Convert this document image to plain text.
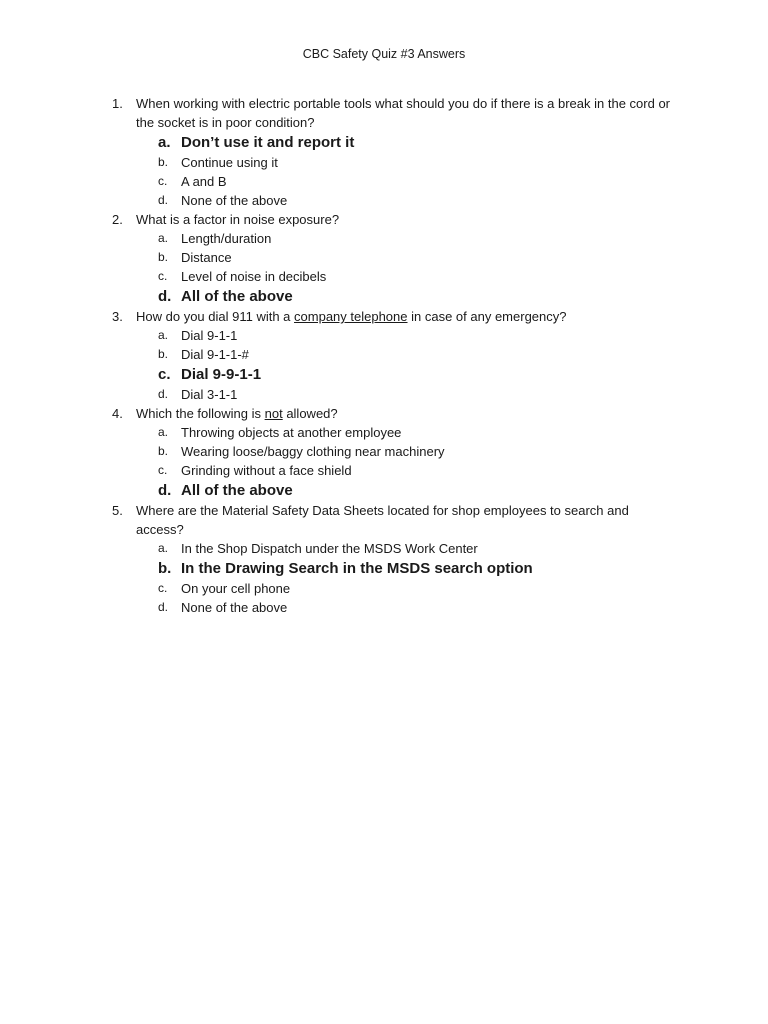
CBC Safety Quiz #3 Answers
1. When working with electric portable tools what should you do if there is a break in the cord or the socket is in poor condition?
a. Don’t use it and report it
b. Continue using it
c. A and B
d. None of the above
2. What is a factor in noise exposure?
a. Length/duration
b. Distance
c. Level of noise in decibels
d. All of the above
3. How do you dial 911 with a company telephone in case of any emergency?
a. Dial 9-1-1
b. Dial 9-1-1-#
c. Dial 9-9-1-1
d. Dial 3-1-1
4. Which the following is not allowed?
a. Throwing objects at another employee
b. Wearing loose/baggy clothing near machinery
c. Grinding without a face shield
d. All of the above
5. Where are the Material Safety Data Sheets located for shop employees to search and access?
a. In the Shop Dispatch under the MSDS Work Center
b. In the Drawing Search in the MSDS search option
c. On your cell phone
d. None of the above
